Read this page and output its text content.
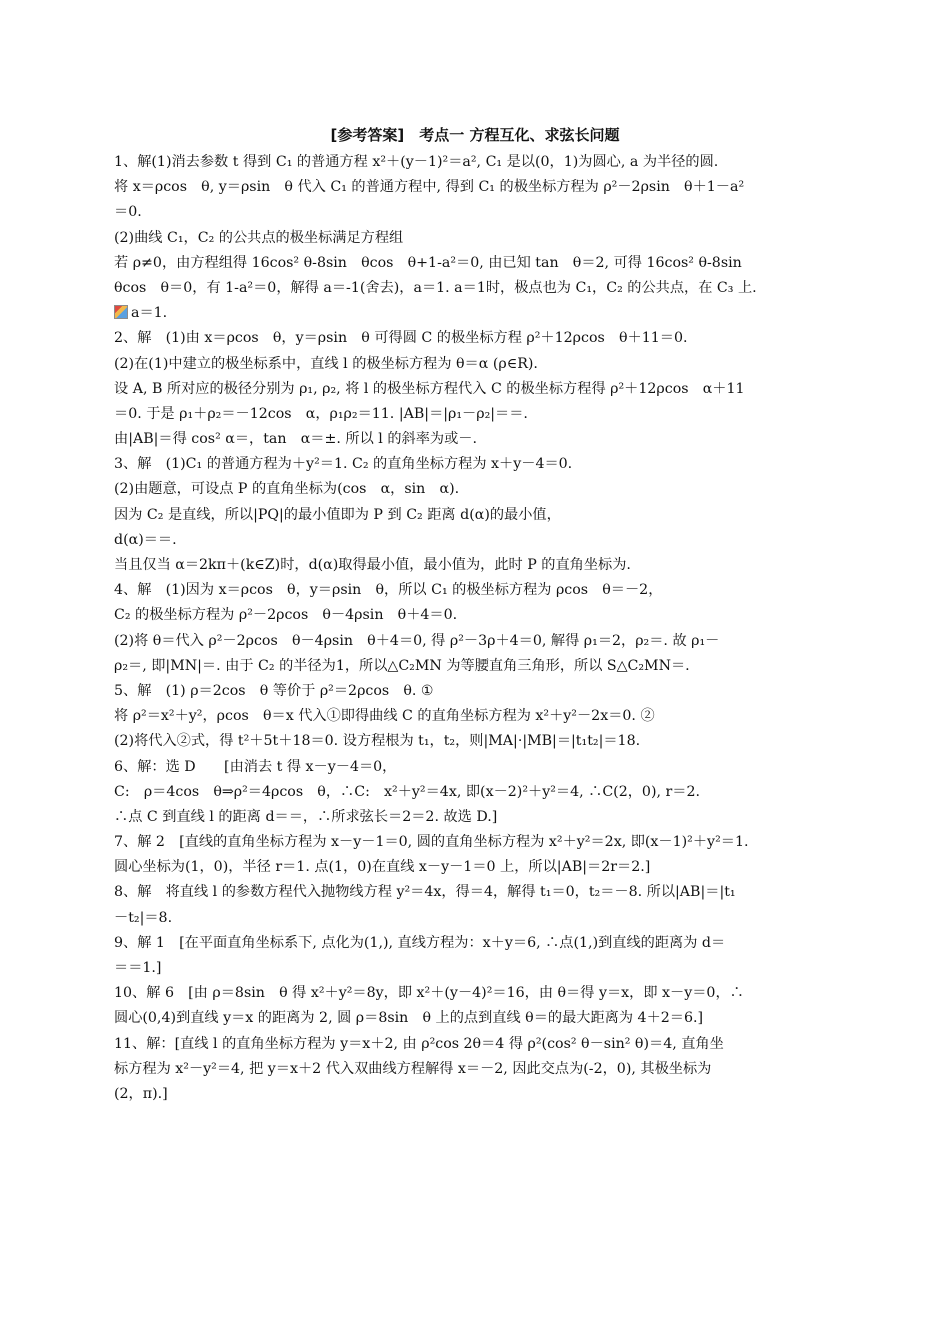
[参考答案]　考点一 方程互化、求弦长问题
1、解(1)消去参数 t 得到 C₁ 的普通方程 x²＋(y－1)²＝a², C₁ 是以(0，1)为圆心, a 为半径的圆.
将 x＝ρcos　θ, y＝ρsin　θ 代入 C₁ 的普通方程中, 得到 C₁ 的极坐标方程为 ρ²－2ρsin　θ＋1－a²
＝0.
(2)曲线 C₁，C₂ 的公共点的极坐标满足方程组
若 ρ≠0，由方程组得 16cos² θ-8sin　θcos　θ+1-a²＝0, 由已知 tan　θ＝2, 可得 16cos² θ-8sin
θcos　θ＝0，有 1-a²＝0，解得 a＝-1(舍去)，a＝1. a＝1时，极点也为 C₁，C₂ 的公共点，在 C₃ 上.
a＝1.
2、解　(1)由 x＝ρcos　θ，y＝ρsin　θ 可得圆 C 的极坐标方程 ρ²＋12ρcos　θ＋11＝0.
(2)在(1)中建立的极坐标系中，直线 l 的极坐标方程为 θ＝α (ρ∈R).
设 A, B 所对应的极径分别为 ρ₁, ρ₂, 将 l 的极坐标方程代入 C 的极坐标方程得 ρ²＋12ρcos　α＋11
＝0. 于是 ρ₁＋ρ₂＝－12cos　α，ρ₁ρ₂＝11. |AB|＝|ρ₁－ρ₂|＝＝.
由|AB|＝得 cos² α＝，tan　α＝±. 所以 l 的斜率为或－.
3、解　(1)C₁ 的普通方程为＋y²＝1. C₂ 的直角坐标方程为 x＋y－4＝0.
(2)由题意，可设点 P 的直角坐标为(cos　α，sin　α).
因为 C₂ 是直线，所以|PQ|的最小值即为 P 到 C₂ 距离 d(α)的最小值，
d(α)＝＝.
当且仅当 α＝2kπ＋(k∈Z)时，d(α)取得最小值，最小值为，此时 P 的直角坐标为.
4、解　(1)因为 x＝ρcos　θ，y＝ρsin　θ，所以 C₁ 的极坐标方程为 ρcos　θ＝－2，
C₂ 的极坐标方程为 ρ²－2ρcos　θ－4ρsin　θ＋4＝0.
(2)将 θ＝代入 ρ²－2ρcos　θ－4ρsin　θ＋4＝0, 得 ρ²－3ρ＋4＝0, 解得 ρ₁＝2，ρ₂＝. 故 ρ₁－
ρ₂＝, 即|MN|＝. 由于 C₂ 的半径为1，所以△C₂MN 为等腰直角三角形，所以 S△C₂MN＝.
5、解　(1) ρ＝2cos　θ 等价于 ρ²＝2ρcos　θ. ①
将 ρ²＝x²＋y²，ρcos　θ＝x 代入①即得曲线 C 的直角坐标方程为 x²＋y²－2x＝0. ②
(2)将代入②式，得 t²＋5t＋18＝0. 设方程根为 t₁，t₂，则|MA|·|MB|＝|t₁t₂|＝18.
6、解：选 D　　[由消去 t 得 x－y－4＝0，
C:　ρ＝4cos　θ⇒ρ²＝4ρcos　θ，∴C:　x²＋y²＝4x, 即(x－2)²＋y²＝4, ∴C(2，0), r＝2.
∴点 C 到直线 l 的距离 d＝＝，∴所求弦长＝2＝2. 故选 D.]
7、解 2　[直线的直角坐标方程为 x－y－1＝0, 圆的直角坐标方程为 x²＋y²＝2x, 即(x－1)²＋y²＝1.
圆心坐标为(1，0)，半径 r＝1. 点(1，0)在直线 x－y－1＝0 上，所以|AB|＝2r＝2.]
8、解　将直线 l 的参数方程代入抛物线方程 y²＝4x，得＝4，解得 t₁＝0，t₂＝－8. 所以|AB|＝|t₁
－t₂|＝8.
9、解 1　[在平面直角坐标系下, 点化为(1,), 直线方程为：x＋y＝6, ∴点(1,)到直线的距离为 d＝
＝＝1.]
10、解 6　[由 ρ＝8sin　θ 得 x²＋y²＝8y，即 x²＋(y－4)²＝16，由 θ＝得 y＝x，即 x－y＝0，∴
圆心(0,4)到直线 y＝x 的距离为 2, 圆 ρ＝8sin　θ 上的点到直线 θ＝的最大距离为 4＋2＝6.]
11、解：[直线 l 的直角坐标方程为 y＝x＋2, 由 ρ²cos 2θ＝4 得 ρ²(cos² θ－sin² θ)＝4, 直角坐
标方程为 x²－y²＝4, 把 y＝x＋2 代入双曲线方程解得 x＝－2, 因此交点为(-2，0), 其极坐标为
(2，π).]
